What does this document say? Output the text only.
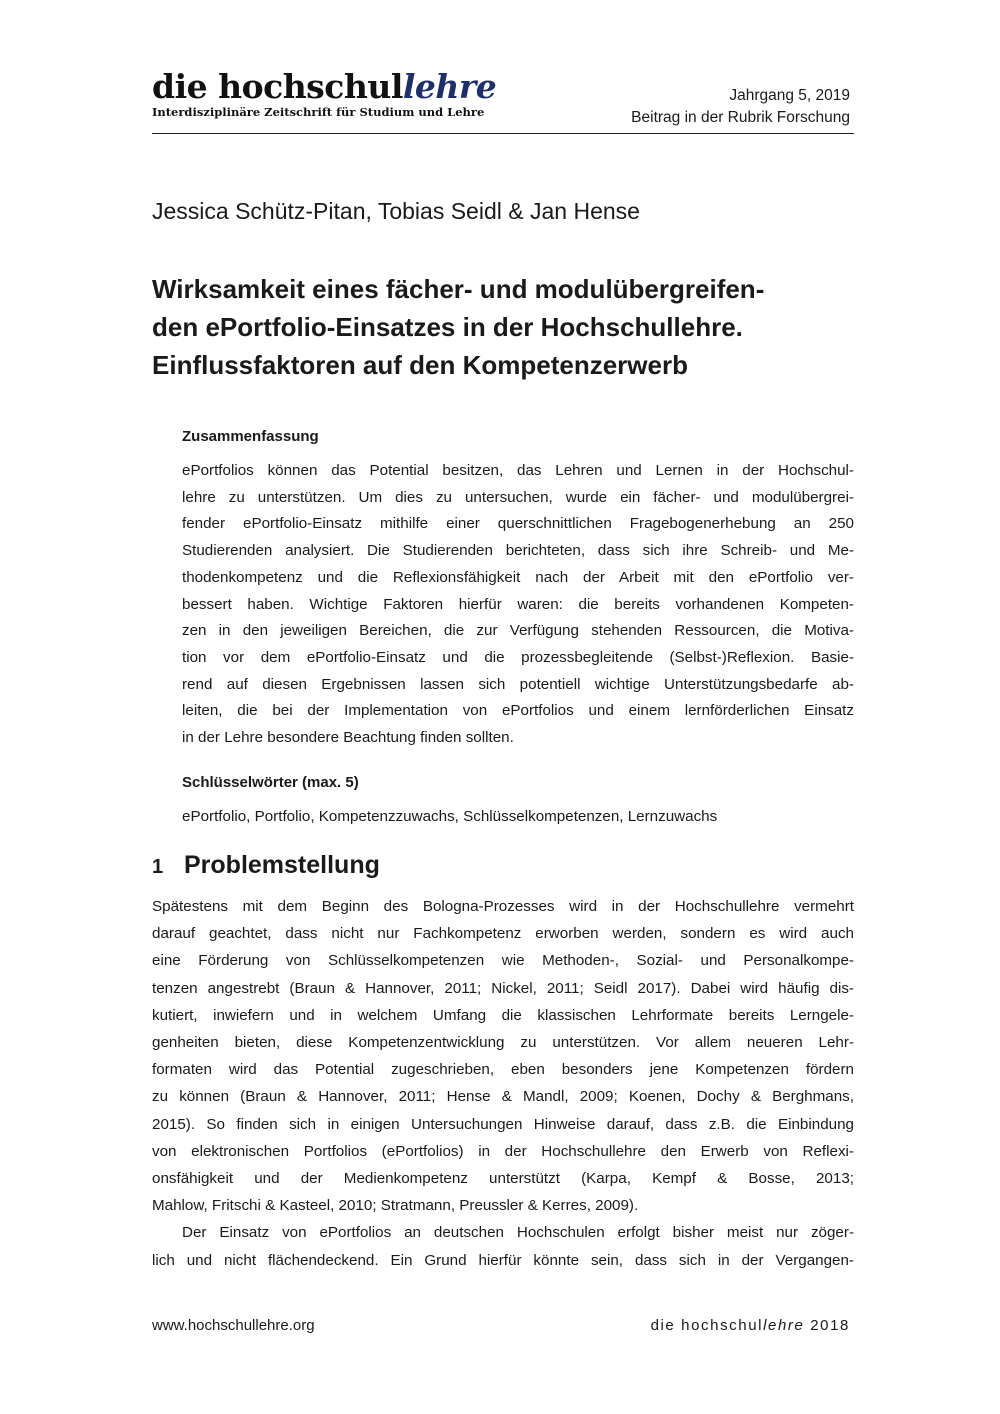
die hochschullehre
Interdisziplinäre Zeitschrift für Studium und Lehre
Jahrgang 5, 2019
Beitrag in der Rubrik Forschung
Jessica Schütz-Pitan, Tobias Seidl & Jan Hense
Wirksamkeit eines fächer- und modulübergreifen-
den ePortfolio-Einsatzes in der Hochschullehre.
Einflussfaktoren auf den Kompetenzerwerb
Zusammenfassung

ePortfolios können das Potential besitzen, das Lehren und Lernen in der Hochschul-
lehre zu unterstützen. Um dies zu untersuchen, wurde ein fächer- und modulübergrei-
fender ePortfolio-Einsatz mithilfe einer querschnittlichen Fragebogenerhebung an 250
Studierenden analysiert. Die Studierenden berichteten, dass sich ihre Schreib- und Me-
thodenkompetenz und die Reflexionsfähigkeit nach der Arbeit mit den ePortfolio ver-
bessert haben. Wichtige Faktoren hierfür waren: die bereits vorhandenen Kompeten-
zen in den jeweiligen Bereichen, die zur Verfügung stehenden Ressourcen, die Motiva-
tion vor dem ePortfolio-Einsatz und die prozessbegleitende (Selbst-)Reflexion. Basie-
rend auf diesen Ergebnissen lassen sich potentiell wichtige Unterstützungsbedarfe ab-
leiten, die bei der Implementation von ePortfolios und einem lernförderlichen Einsatz
in der Lehre besondere Beachtung finden sollten.

Schlüsselwörter (max. 5)

ePortfolio, Portfolio, Kompetenzzuwachs, Schlüsselkompetenzen, Lernzuwachs

1 Problemstellung

Spätestens mit dem Beginn des Bologna-Prozesses wird in der Hochschullehre vermehrt
darauf geachtet, dass nicht nur Fachkompetenz erworben werden, sondern es wird auch
eine Förderung von Schlüsselkompetenzen wie Methoden-, Sozial- und Personalkompe-
tenzen angestrebt (Braun & Hannover, 2011; Nickel, 2011; Seidl 2017). Dabei wird häufig dis-
kutiert, inwiefern und in welchem Umfang die klassischen Lehrformate bereits Lerngele-
genheiten bieten, diese Kompetenzentwicklung zu unterstützen. Vor allem neueren Lehr-
formaten wird das Potential zugeschrieben, eben besonders jene Kompetenzen fördern
zu können (Braun & Hannover, 2011; Hense & Mandl, 2009; Koenen, Dochy & Berghmans,
2015). So finden sich in einigen Untersuchungen Hinweise darauf, dass z.B. die Einbindung
von elektronischen Portfolios (ePortfolios) in der Hochschullehre den Erwerb von Reflexi-
onsfähigkeit und der Medienkompetenz unterstützt (Karpa, Kempf & Bosse, 2013;
Mahlow, Fritschi & Kasteel, 2010; Stratmann, Preussler & Kerres, 2009).

Der Einsatz von ePortfolios an deutschen Hochschulen erfolgt bisher meist nur zöger-
lich und nicht flächendeckend. Ein Grund hierfür könnte sein, dass sich in der Vergangen-

www.hochschullehre.org	die hochschullehre 2018
